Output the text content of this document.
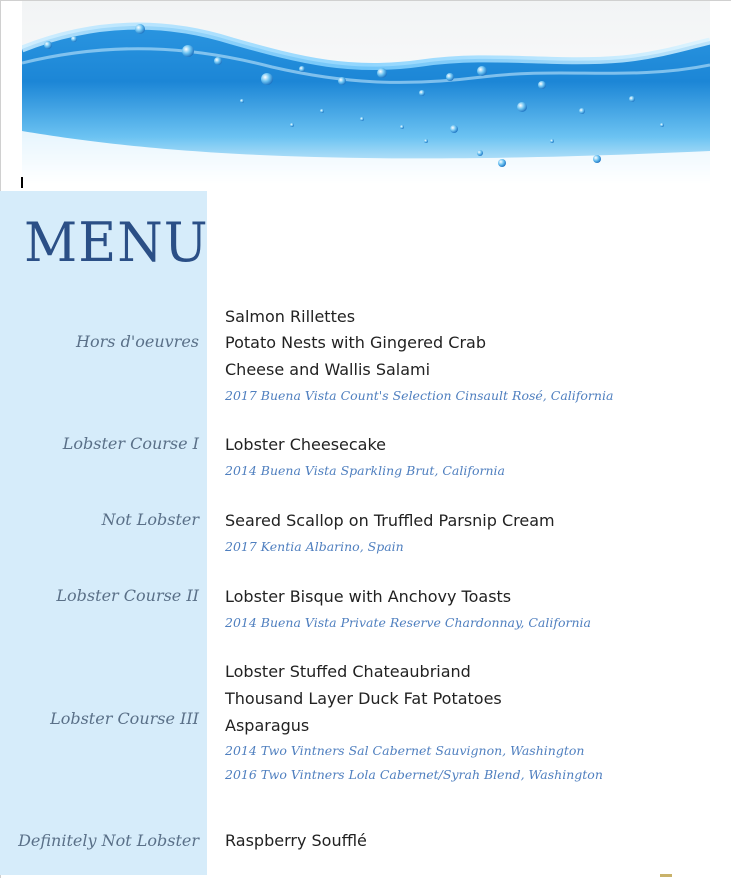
MENU
Hors d'oeuvres
Salmon Rillettes
Potato Nests with Gingered Crab
Cheese and Wallis Salami
2017 Buena Vista Count's Selection Cinsault Rosé, California
Lobster Course I Lobster Cheesecake
2014 Buena Vista Sparkling Brut, California
Not Lobster Seared Scallop on Truffled Parsnip Cream
2017 Kentia Albarino, Spain
Lobster Course II Lobster Bisque with Anchovy Toasts
2014 Buena Vista Private Reserve Chardonnay, California
Lobster Course III
Lobster Stuffed Chateaubriand
Thousand Layer Duck Fat Potatoes
Asparagus
2014 Two Vintners Sal Cabernet Sauvignon, Washington
2016 Two Vintners Lola Cabernet/Syrah Blend, Washington
Definitely Not Lobster Raspberry Soufflé
